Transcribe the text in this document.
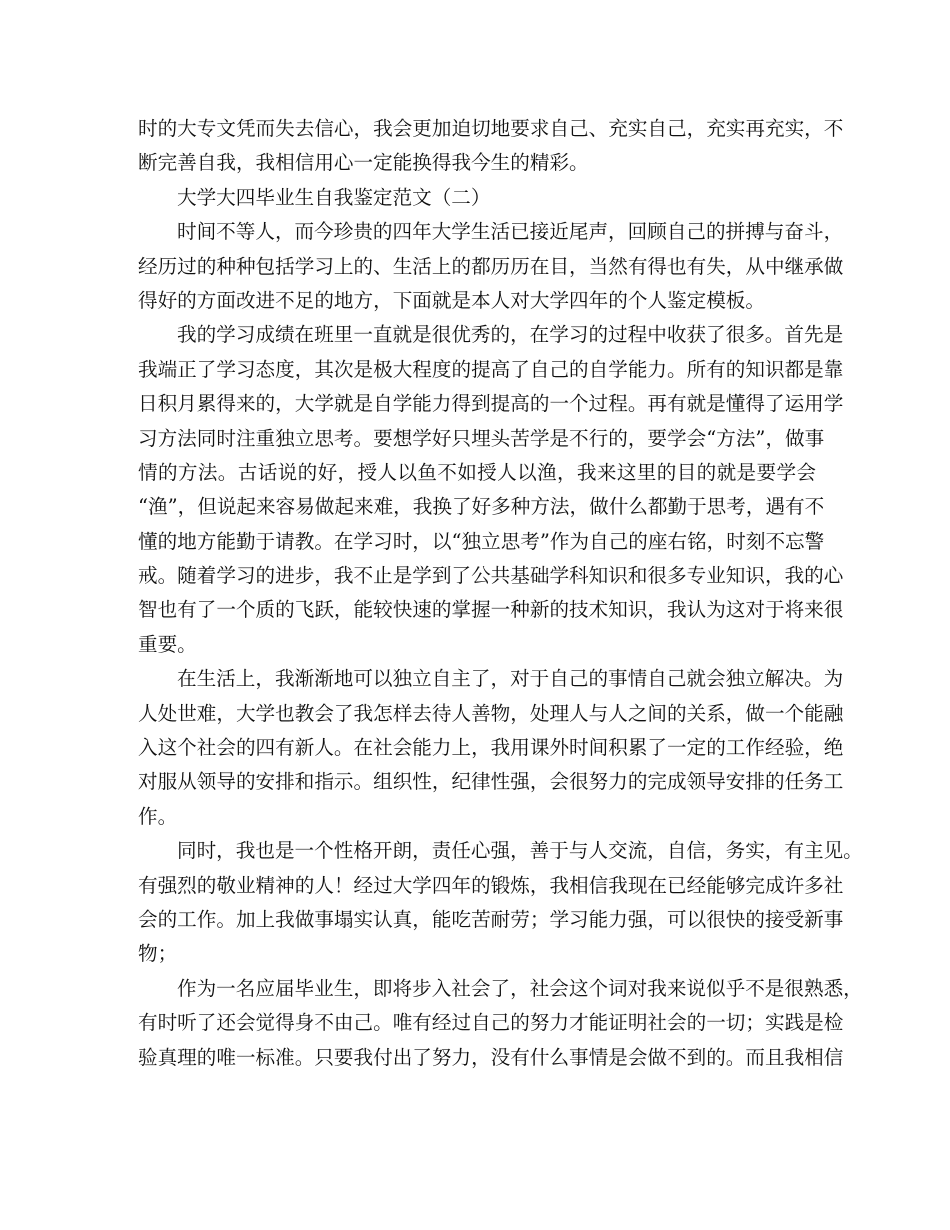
时的大专文凭而失去信心，我会更加迫切地要求自己、充实自己，充实再充实，不
断完善自我，我相信用心一定能换得我今生的精彩。
大学大四毕业生自我鉴定范文（二）
时间不等人，而今珍贵的四年大学生活已接近尾声，回顾自己的拼搏与奋斗，
经历过的种种包括学习上的、生活上的都历历在目，当然有得也有失，从中继承做
得好的方面改进不足的地方，下面就是本人对大学四年的个人鉴定模板。
我的学习成绩在班里一直就是很优秀的，在学习的过程中收获了很多。首先是
我端正了学习态度，其次是极大程度的提高了自己的自学能力。所有的知识都是靠
日积月累得来的，大学就是自学能力得到提高的一个过程。再有就是懂得了运用学
习方法同时注重独立思考。要想学好只埋头苦学是不行的，要学会“方法”，做事
情的方法。古话说的好，授人以鱼不如授人以渔，我来这里的目的就是要学会
“渔”，但说起来容易做起来难，我换了好多种方法，做什么都勤于思考，遇有不
懂的地方能勤于请教。在学习时，以“独立思考”作为自己的座右铭，时刻不忘警
戒。随着学习的进步，我不止是学到了公共基础学科知识和很多专业知识，我的心
智也有了一个质的飞跃，能较快速的掌握一种新的技术知识，我认为这对于将来很
重要。
在生活上，我渐渐地可以独立自主了，对于自己的事情自己就会独立解决。为
人处世难，大学也教会了我怎样去待人善物，处理人与人之间的关系，做一个能融
入这个社会的四有新人。在社会能力上，我用课外时间积累了一定的工作经验，绝
对服从领导的安排和指示。组织性，纪律性强，会很努力的完成领导安排的任务工
作。
同时，我也是一个性格开朗，责任心强，善于与人交流，自信，务实，有主见。
有强烈的敬业精神的人！经过大学四年的锻炼，我相信我现在已经能够完成许多社
会的工作。加上我做事塌实认真，能吃苦耐劳；学习能力强，可以很快的接受新事
物；
作为一名应届毕业生，即将步入社会了，社会这个词对我来说似乎不是很熟悉，
有时听了还会觉得身不由己。唯有经过自己的努力才能证明社会的一切；实践是检
验真理的唯一标准。只要我付出了努力，没有什么事情是会做不到的。而且我相信
